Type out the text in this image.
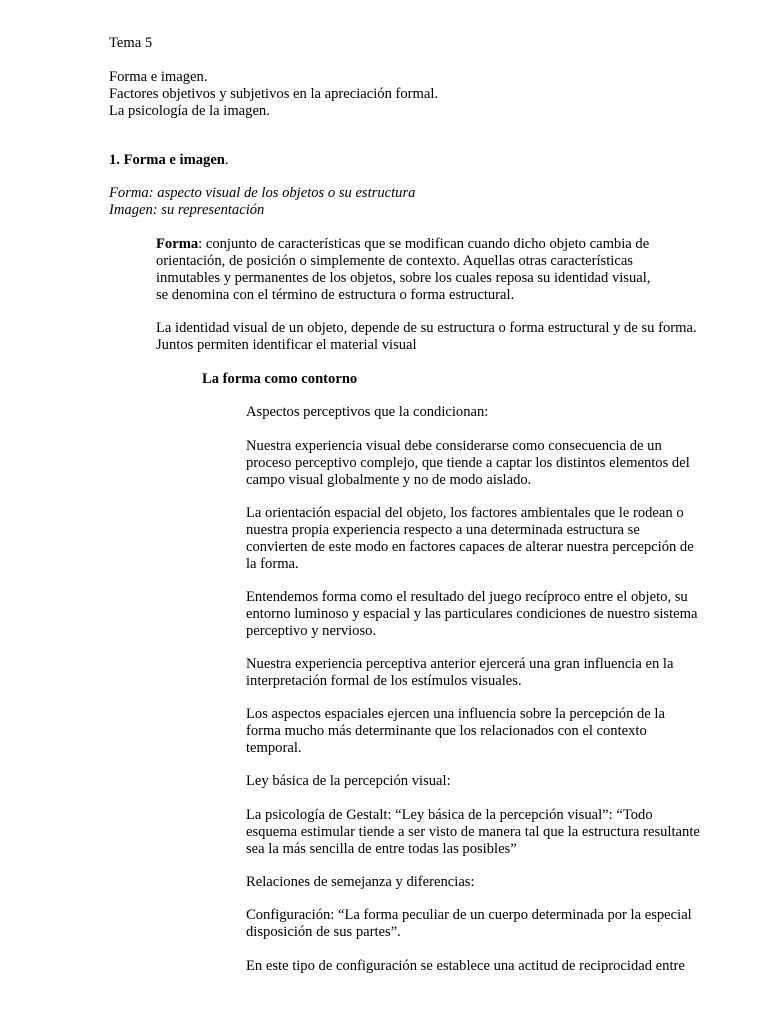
Tema 5

Forma e imagen.

Factores objetivos y subjetivos en la apreciación formal.

La psicología de la imagen.

1. Forma e imagen.

Forma: aspecto visual de los objetos o su estructura

Imagen: su representación

Forma: conjunto de características que se modifican cuando dicho objeto cambia de

orientación, de posición o simplemente de contexto. Aquellas otras características

inmutables y permanentes de los objetos, sobre los cuales reposa su identidad visual,

se denomina con el término de estructura o forma estructural.

La identidad visual de un objeto, depende de su estructura o forma estructural y de su forma.

Juntos permiten identificar el material visual

La forma como contorno

Aspectos perceptivos que la condicionan:

Nuestra experiencia visual debe considerarse como consecuencia de un

proceso perceptivo complejo, que tiende a captar los distintos elementos del

campo visual globalmente y no de modo aislado.

La orientación espacial del objeto, los factores ambientales que le rodean o

nuestra propia experiencia respecto a una determinada estructura se

convierten de este modo en factores capaces de alterar nuestra percepción de

la forma.

Entendemos forma como el resultado del juego recíproco entre el objeto, su

entorno luminoso y espacial y las particulares condiciones de nuestro sistema

perceptivo y nervioso.

Nuestra experiencia perceptiva anterior ejercerá una gran influencia en la

interpretación formal de los estímulos visuales.

Los aspectos espaciales ejercen una influencia sobre la percepción de la

forma mucho más determinante que los relacionados con el contexto

temporal.

Ley básica de la percepción visual:

La psicología de Gestalt: “Ley básica de la percepción visual”: “Todo

esquema estimular tiende a ser visto de manera tal que la estructura resultante

sea la más sencilla de entre todas las posibles”

Relaciones de semejanza y diferencias:

Configuración: “La forma peculiar de un cuerpo determinada por la especial

disposición de sus partes”.

En este tipo de configuración se establece una actitud de reciprocidad entre
